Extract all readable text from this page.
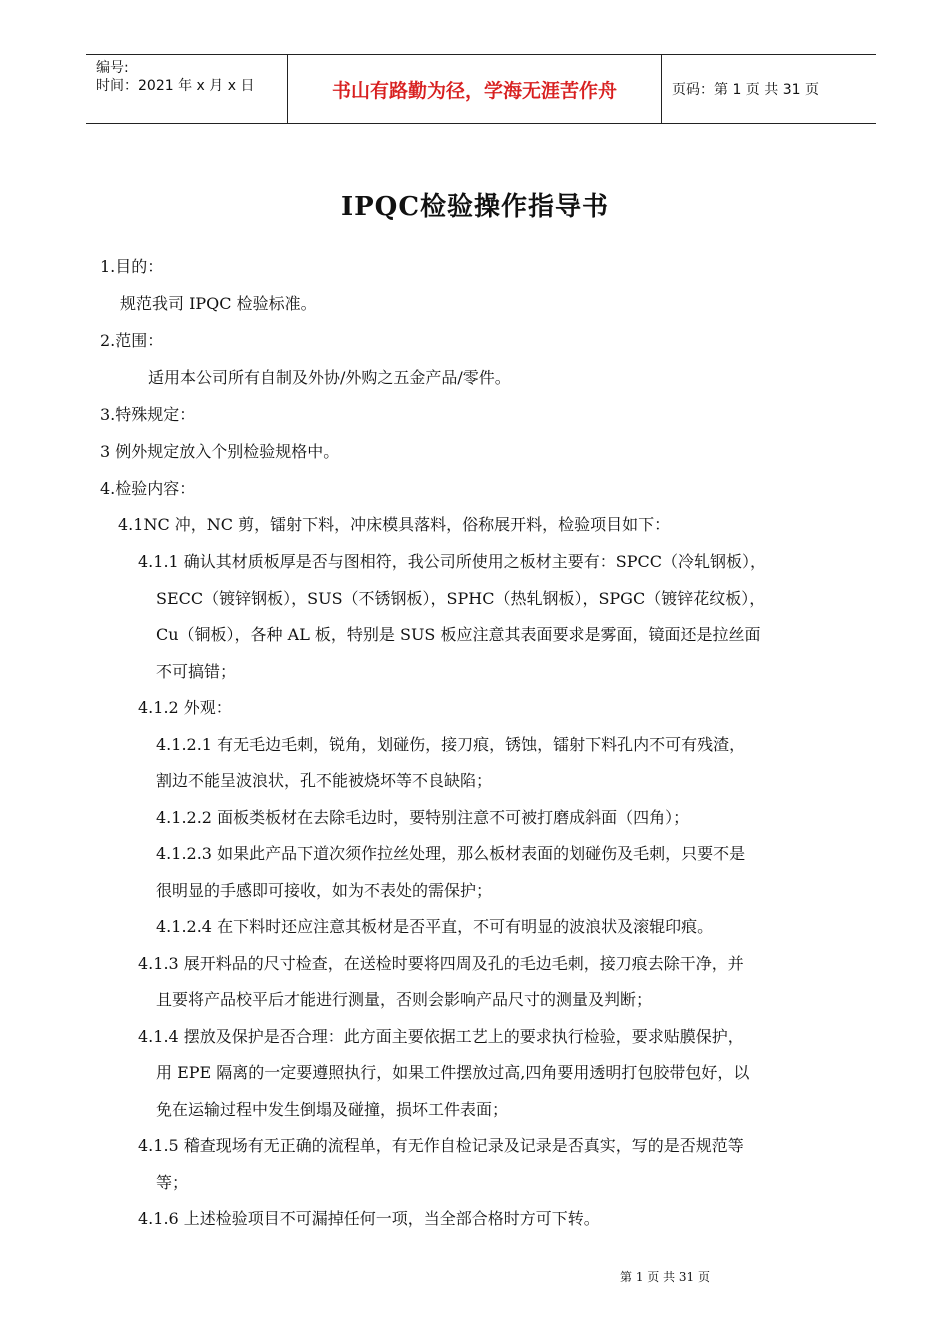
编号:
时间：2021 年 x 月 x 日	书山有路勤为径，学海无涯苦作舟	页码：第 1 页 共 31 页
IPQC检验操作指导书
1.目的：
规范我司 IPQC 检验标准。
2.范围：
适用本公司所有自制及外协/外购之五金产品/零件。
3.特殊规定：
3 例外规定放入个别检验规格中。
4.检验内容：
4.1NC 冲，NC 剪，镭射下料，冲床模具落料，俗称展开料，检验项目如下：
4.1.1 确认其材质板厚是否与图相符，我公司所使用之板材主要有：SPCC（冷轧钢板），
SECC（镀锌钢板），SUS（不锈钢板），SPHC（热轧钢板），SPGC（镀锌花纹板），
Cu（铜板），各种 AL 板，特别是 SUS 板应注意其表面要求是雾面，镜面还是拉丝面
不可搞错；
4.1.2 外观：
4.1.2.1 有无毛边毛刺，锐角，划碰伤，接刀痕，锈蚀，镭射下料孔内不可有残渣，
割边不能呈波浪状，孔不能被烧坏等不良缺陷；
4.1.2.2 面板类板材在去除毛边时，要特别注意不可被打磨成斜面（四角）；
4.1.2.3 如果此产品下道次须作拉丝处理，那么板材表面的划碰伤及毛刺，只要不是
很明显的手感即可接收，如为不表处的需保护；
4.1.2.4 在下料时还应注意其板材是否平直，不可有明显的波浪状及滚辊印痕。
4.1.3 展开料品的尺寸检查，在送检时要将四周及孔的毛边毛刺，接刀痕去除干净，并
且要将产品校平后才能进行测量，否则会影响产品尺寸的测量及判断；
4.1.4 摆放及保护是否合理：此方面主要依据工艺上的要求执行检验，要求贴膜保护，
用 EPE 隔离的一定要遵照执行，如果工件摆放过高,四角要用透明打包胶带包好，以
免在运输过程中发生倒塌及碰撞，损坏工件表面；
4.1.5 稽查现场有无正确的流程单，有无作自检记录及记录是否真实，写的是否规范等
等；
4.1.6 上述检验项目不可漏掉任何一项，当全部合格时方可下转。
第 1 页 共 31 页
